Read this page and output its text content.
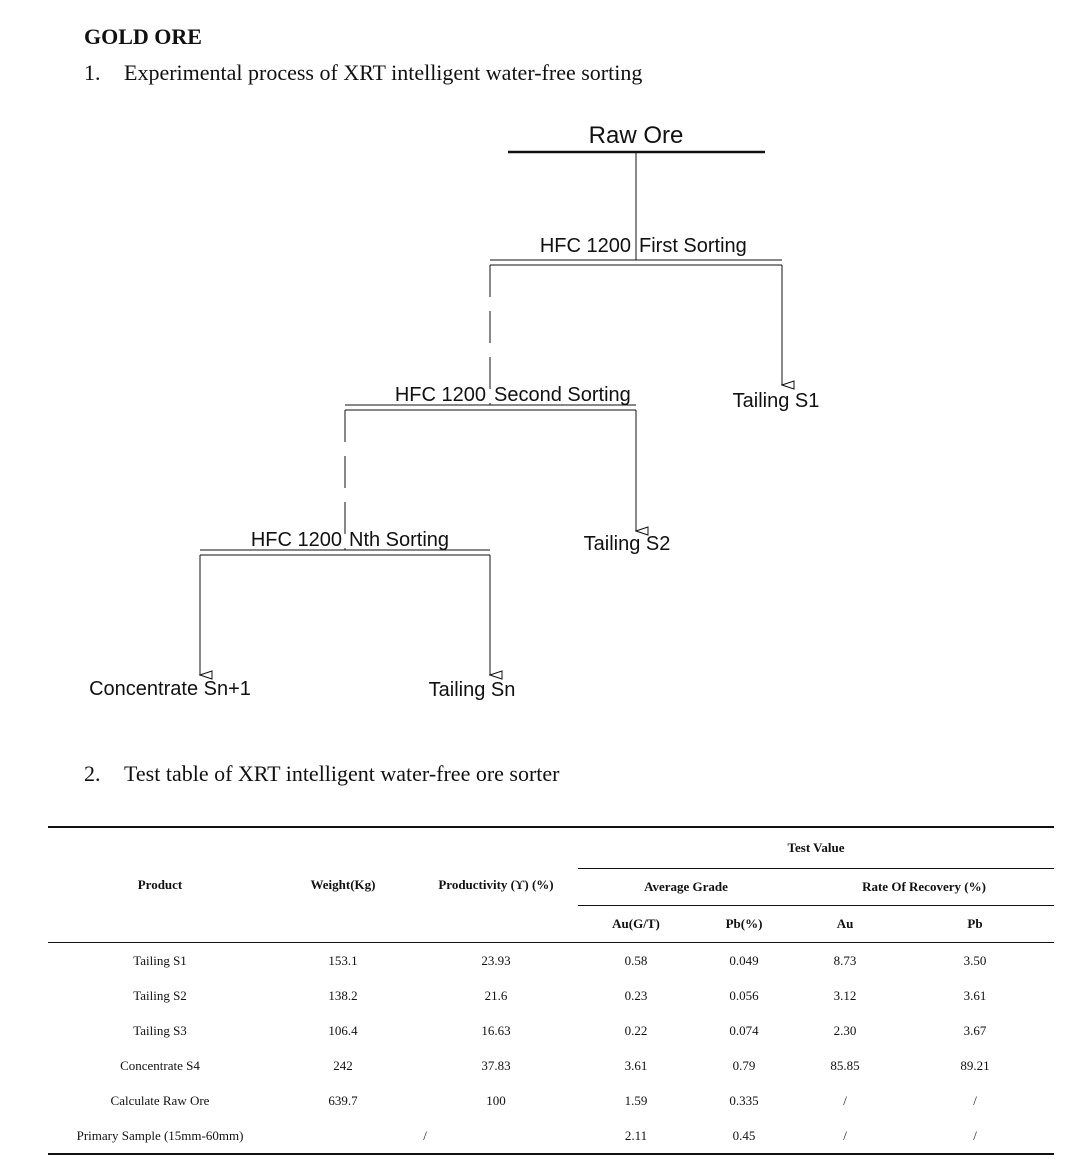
GOLD ORE

1. Experimental process of XRT intelligent water-free sorting

Raw Ore
HFC 1200 First Sorting
Tailing S1
HFC 1200 Second Sorting
Tailing S2
HFC 1200 Nth Sorting
Concentrate Sn+1	Tailing Sn

2. Test table of XRT intelligent water-free ore sorter

Product	Weight(Kg)	Productivity (ϒ) (%)	Test Value			
			Average Grade		Rate Of Recovery (%)	
			Au(G/T)	Pb(%)	Au	Pb
Tailing S1	153.1	23.93	0.58	0.049	8.73	3.50
Tailing S2	138.2	21.6	0.23	0.056	3.12	3.61
Tailing S3	106.4	16.63	0.22	0.074	2.30	3.67
Concentrate S4	242	37.83	3.61	0.79	85.85	89.21
Calculate Raw Ore	639.7	100	1.59	0.335	/	/
Primary Sample (15mm-60mm)	/		2.11	0.45	/	/
